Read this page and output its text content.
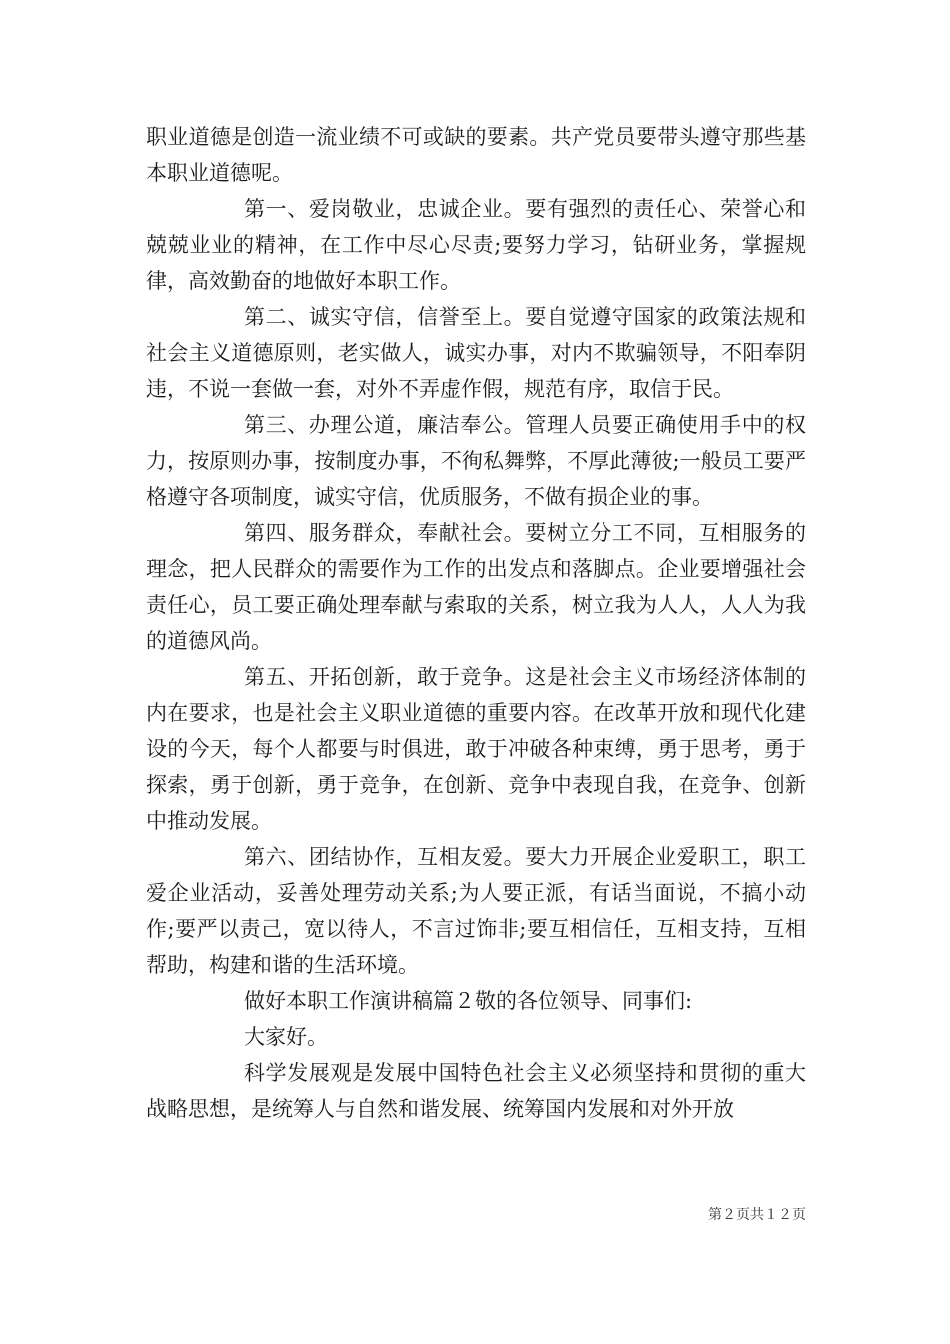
职业道德是创造一流业绩不可或缺的要素。共产党员要带头遵守那些基本职业道德呢。

第一、爱岗敬业，忠诚企业。要有强烈的责任心、荣誉心和兢兢业业的精神，在工作中尽心尽责;要努力学习，钻研业务，掌握规律，高效勤奋的地做好本职工作。

第二、诚实守信，信誉至上。要自觉遵守国家的政策法规和社会主义道德原则，老实做人，诚实办事，对内不欺骗领导，不阳奉阴违，不说一套做一套，对外不弄虚作假，规范有序，取信于民。

第三、办理公道，廉洁奉公。管理人员要正确使用手中的权力，按原则办事，按制度办事，不徇私舞弊，不厚此薄彼;一般员工要严格遵守各项制度，诚实守信，优质服务，不做有损企业的事。

第四、服务群众，奉献社会。要树立分工不同，互相服务的理念，把人民群众的需要作为工作的出发点和落脚点。企业要增强社会责任心，员工要正确处理奉献与索取的关系，树立我为人人，人人为我的道德风尚。

第五、开拓创新，敢于竞争。这是社会主义市场经济体制的内在要求，也是社会主义职业道德的重要内容。在改革开放和现代化建设的今天，每个人都要与时俱进，敢于冲破各种束缚，勇于思考，勇于探索，勇于创新，勇于竞争，在创新、竞争中表现自我，在竞争、创新中推动发展。

第六、团结协作，互相友爱。要大力开展企业爱职工，职工爱企业活动，妥善处理劳动关系;为人要正派，有话当面说，不搞小动作;要严以责己，宽以待人，不言过饰非;要互相信任，互相支持，互相帮助，构建和谐的生活环境。

做好本职工作演讲稿篇２敬的各位领导、同事们:

大家好。

科学发展观是发展中国特色社会主义必须坚持和贯彻的重大战略思想，是统筹人与自然和谐发展、统筹国内发展和对外开放

第２页共１２页
